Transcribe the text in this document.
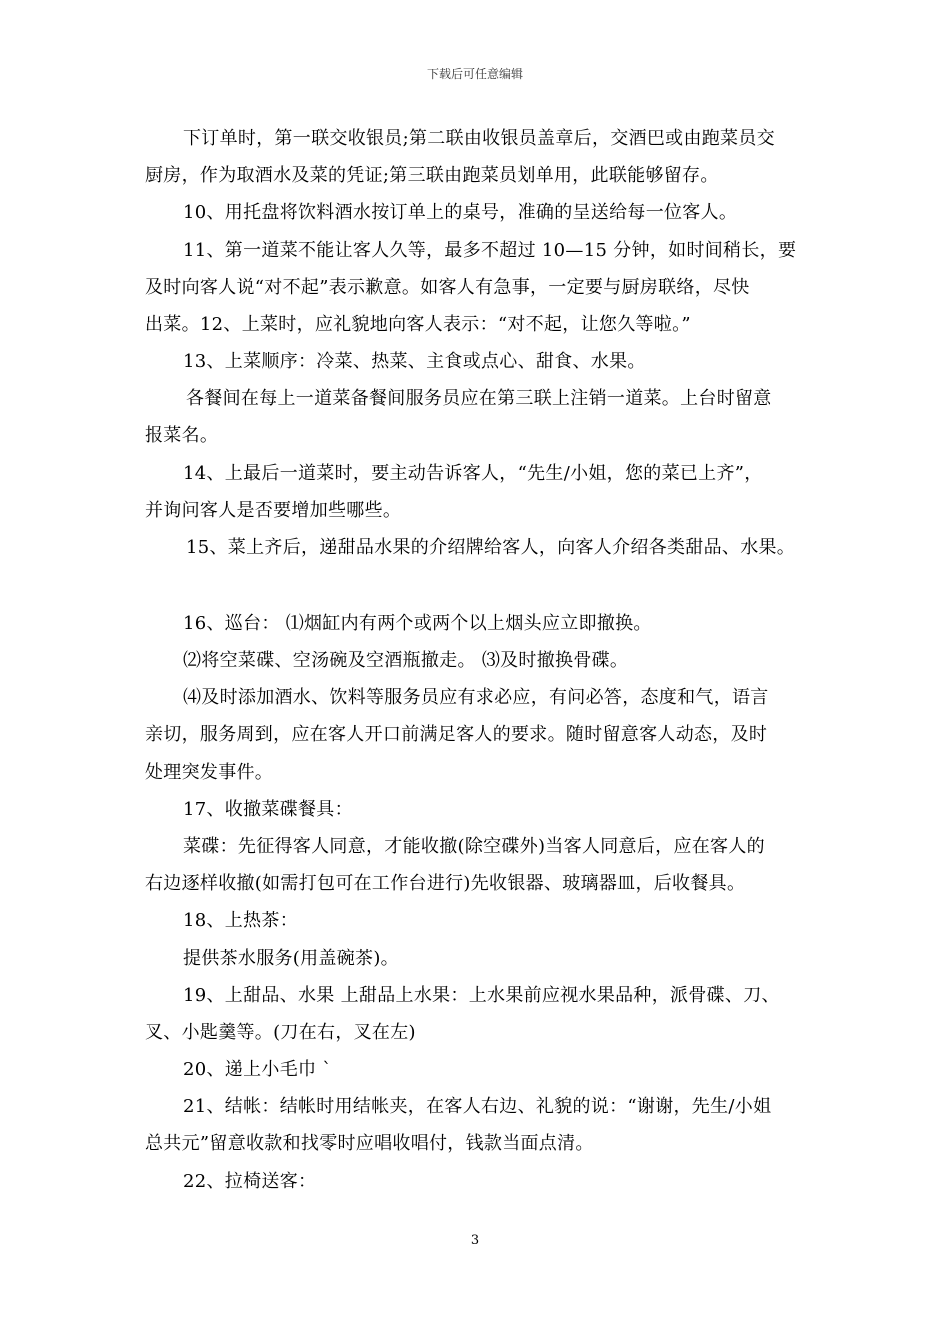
下载后可任意编辑
下订单时，第一联交收银员;第二联由收银员盖章后，交酒巴或由跑菜员交
厨房，作为取酒水及菜的凭证;第三联由跑菜员划单用，此联能够留存。
10、用托盘将饮料酒水按订单上的桌号，准确的呈送给每一位客人。
11、第一道菜不能让客人久等，最多不超过 10—15 分钟，如时间稍长，要
及时向客人说“对不起”表示歉意。如客人有急事，一定要与厨房联络，尽快
出菜。12、上菜时，应礼貌地向客人表示：“对不起，让您久等啦。”
13、上菜顺序：冷菜、热菜、主食或点心、甜食、水果。
各餐间在每上一道菜备餐间服务员应在第三联上注销一道菜。上台时留意
报菜名。
14、上最后一道菜时，要主动告诉客人，“先生/小姐，您的菜已上齐”，
并询问客人是否要增加些哪些。
15、菜上齐后，递甜品水果的介绍牌给客人，向客人介绍各类甜品、水果。
16、巡台： ⑴烟缸内有两个或两个以上烟头应立即撤换。
⑵将空菜碟、空汤碗及空酒瓶撤走。 ⑶及时撤换骨碟。
⑷及时添加酒水、饮料等服务员应有求必应，有问必答，态度和气，语言
亲切，服务周到，应在客人开口前满足客人的要求。随时留意客人动态，及时
处理突发事件。
17、收撤菜碟餐具：
菜碟：先征得客人同意，才能收撤(除空碟外)当客人同意后，应在客人的
右边逐样收撤(如需打包可在工作台进行)先收银器、玻璃器皿，后收餐具。
18、上热茶：
提供茶水服务(用盖碗茶)。
19、上甜品、水果 上甜品上水果：上水果前应视水果品种，派骨碟、刀、
叉、小匙羹等。(刀在右，叉在左)
20、递上小毛巾 `
21、结帐：结帐时用结帐夹，在客人右边、礼貌的说：“谢谢，先生/小姐
总共元”留意收款和找零时应唱收唱付，钱款当面点清。
22、拉椅送客：
3
